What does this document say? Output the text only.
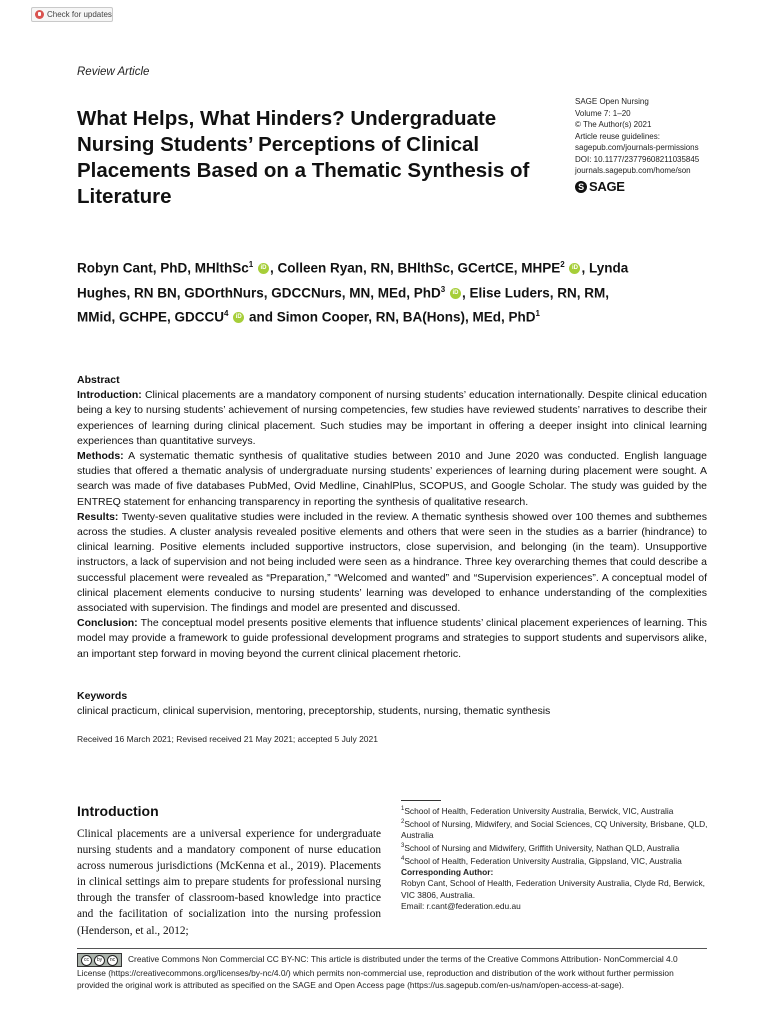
Check for updates
Review Article
What Helps, What Hinders? Undergraduate Nursing Students’ Perceptions of Clinical Placements Based on a Thematic Synthesis of Literature
SAGE Open Nursing
Volume 7: 1–20
© The Author(s) 2021
Article reuse guidelines:
sagepub.com/journals-permissions
DOI: 10.1177/23779608211035845
journals.sagepub.com/home/son
S SAGE
Robyn Cant, PhD, MHlthSc$^1$ iD , Colleen Ryan, RN, BHlthSc, GCertCE, MHPE$^2$ iD , Lynda Hughes, RN BN, GDOrthNurs, GDCCNurs, MN, MEd, PhD$^3$ iD , Elise Luders, RN, RM, MMid, GCHPE, GDCCU$^4$ iD and Simon Cooper, RN, BA(Hons), MEd, PhD$^1$
Abstract

Introduction: Clinical placements are a mandatory component of nursing students’ education internationally. Despite clinical education being a key to nursing students’ achievement of nursing competencies, few studies have reviewed students’ narratives to describe their experiences of learning during clinical placement. Such studies may be important in offering a deeper insight into clinical learning experiences than quantitative surveys.

Methods: A systematic thematic synthesis of qualitative studies between 2010 and June 2020 was conducted. English language studies that offered a thematic analysis of undergraduate nursing students’ experiences of learning during placement were sought. A search was made of five databases PubMed, Ovid Medline, CinahlPlus, SCOPUS, and Google Scholar. The study was guided by the ENTREQ statement for enhancing transparency in reporting the synthesis of qualitative research.

Results: Twenty-seven qualitative studies were included in the review. A thematic synthesis showed over 100 themes and subthemes across the studies. A cluster analysis revealed positive elements and others that were seen in the studies as a barrier (hindrance) to clinical learning. Positive elements included supportive instructors, close supervision, and belonging (in the team). Unsupportive instructors, a lack of supervision and not being included were seen as a hindrance. Three key overarching themes that could describe a successful placement were revealed as “Preparation,” “Welcomed and wanted” and “Supervision experiences”. A conceptual model of clinical placement elements conducive to nursing students’ learning was developed to enhance understanding of the complexities associated with supervision. The findings and model are presented and discussed.

Conclusion: The conceptual model presents positive elements that influence students’ clinical placement experiences of learning. This model may provide a framework to guide professional development programs and strategies to support students and supervisors alike, an important step forward in moving beyond the current clinical placement rhetoric.

Keywords
clinical practicum, clinical supervision, mentoring, preceptorship, students, nursing, thematic synthesis
Received 16 March 2021; Revised received 21 May 2021; accepted 5 July 2021
Introduction
Clinical placements are a universal experience for undergraduate nursing students and a mandatory component of nurse education across numerous jurisdictions (McKenna et al., 2019). Placements in clinical settings aim to prepare students for professional nursing through the transfer of classroom-based knowledge into practice and the facilitation of socialization into the nursing profession (Henderson, et al., 2012;

$^1$School of Health, Federation University Australia, Berwick, VIC, Australia

$^2$School of Nursing, Midwifery, and Social Sciences, CQ University, Brisbane, QLD, Australia

$^3$School of Nursing and Midwifery, Griffith University, Nathan QLD, Australia

$^4$School of Health, Federation University Australia, Gippsland, VIC, Australia

Corresponding Author:

Robyn Cant, School of Health, Federation University Australia, Clyde Rd, Berwick, VIC 3806, Australia.

Email: r.cant@federation.edu.au

cc	by	nc	Creative Commons Non Commercial CC BY-NC: This article is distributed under the terms of the Creative Commons Attribution- NonCommercial 4.0 License (https://creativecommons.org/licenses/by-nc/4.0/) which permits non-commercial use, reproduction and distribution of the work without further permission provided the original work is attributed as specified on the SAGE and Open Access page (https://us.sagepub.com/en-us/nam/open-access-at-sage).
